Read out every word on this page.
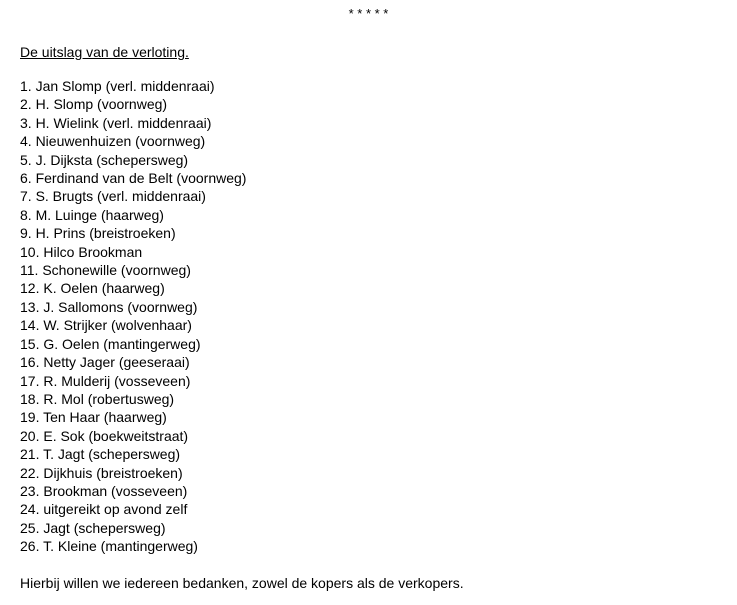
* * * * *
De uitslag van de verloting.
1. Jan Slomp (verl. middenraai)
2. H. Slomp (voornweg)
3. H. Wielink (verl. middenraai)
4. Nieuwenhuizen (voornweg)
5. J. Dijksta (schepersweg)
6. Ferdinand van de Belt (voornweg)
7. S. Brugts (verl. middenraai)
8. M. Luinge (haarweg)
9. H. Prins (breistroeken)
10. Hilco Brookman
11. Schonewille (voornweg)
12. K. Oelen (haarweg)
13. J. Sallomons (voornweg)
14. W. Strijker (wolvenhaar)
15. G. Oelen (mantingerweg)
16. Netty Jager (geeseraai)
17. R. Mulderij (vosseveen)
18. R. Mol (robertusweg)
19. Ten Haar (haarweg)
20. E. Sok (boekweitstraat)
21. T. Jagt (schepersweg)
22. Dijkhuis (breistroeken)
23. Brookman (vosseveen)
24. uitgereikt op avond zelf
25. Jagt (schepersweg)
26. T. Kleine (mantingerweg)
Hierbij willen we iedereen bedanken, zowel de kopers als de verkopers.
